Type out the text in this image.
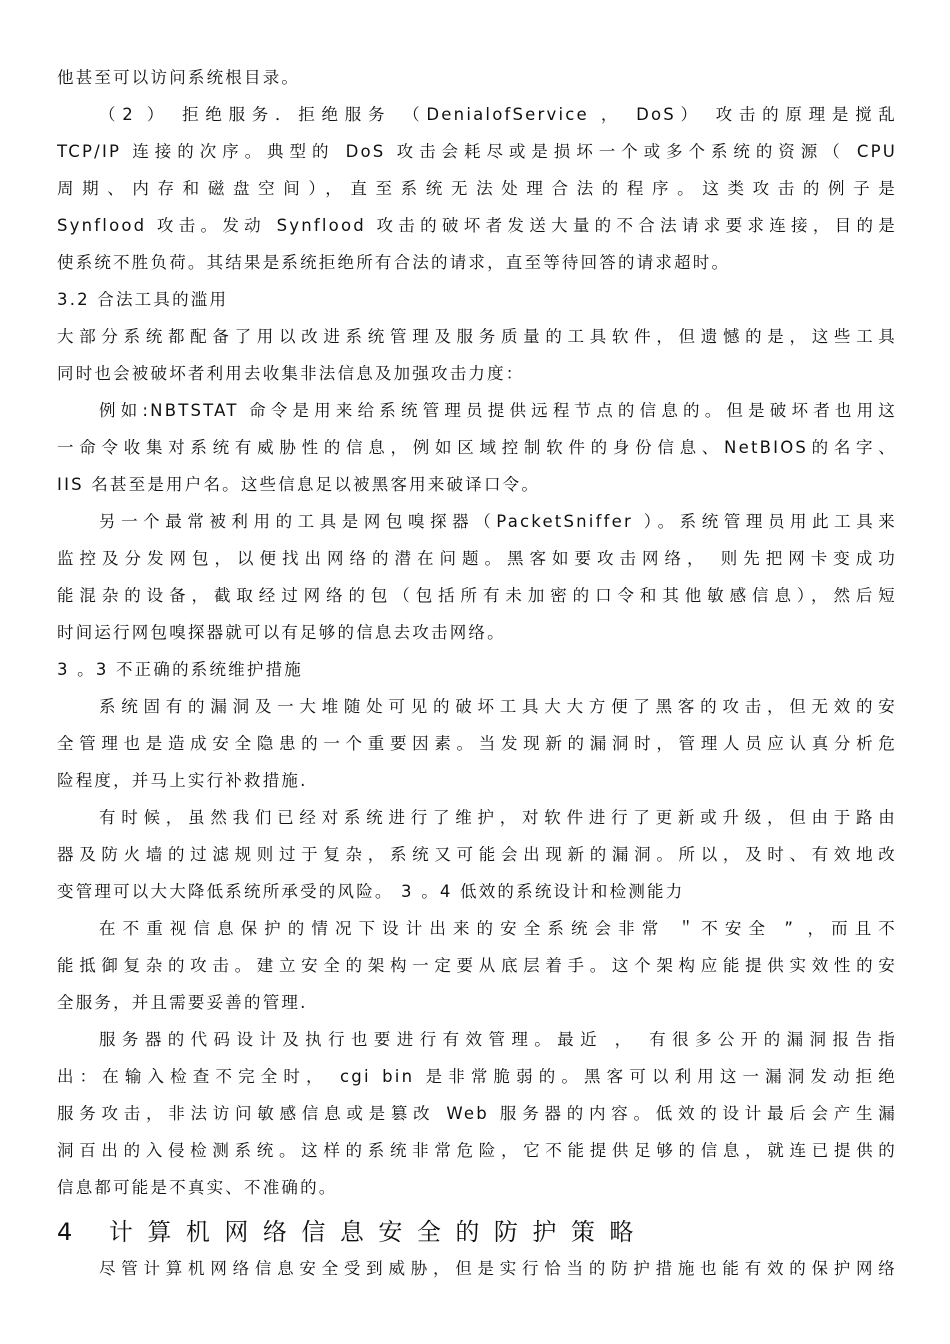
他甚至可以访问系统根目录。
（2 ） 拒绝服务．拒绝服务 （DenialofService ， DoS） 攻击的原理是搅乱
TCP/IP 连接的次序。典型的 DoS 攻击会耗尽或是损坏一个或多个系统的资源（ CPU
周期、内存和磁盘空间），直至系统无法处理合法的程序。这类攻击的例子是
Synflood 攻击。发动 Synflood 攻击的破坏者发送大量的不合法请求要求连接，目的是
使系统不胜负荷。其结果是系统拒绝所有合法的请求，直至等待回答的请求超时。
3.2 合法工具的滥用
大部分系统都配备了用以改进系统管理及服务质量的工具软件，但遗憾的是，这些工具
同时也会被破坏者利用去收集非法信息及加强攻击力度：
例如:NBTSTAT 命令是用来给系统管理员提供远程节点的信息的。但是破坏者也用这
一命令收集对系统有威胁性的信息，例如区域控制软件的身份信息、NetBIOS的名字、
IIS 名甚至是用户名。这些信息足以被黑客用来破译口令。
另一个最常被利用的工具是网包嗅探器（PacketSniffer ）。系统管理员用此工具来
监控及分发网包，以便找出网络的潜在问题。黑客如要攻击网络， 则先把网卡变成功
能混杂的设备，截取经过网络的包（包括所有未加密的口令和其他敏感信息），然后短
时间运行网包嗅探器就可以有足够的信息去攻击网络。
3 。3 不正确的系统维护措施
系统固有的漏洞及一大堆随处可见的破坏工具大大方便了黑客的攻击，但无效的安
全管理也是造成安全隐患的一个重要因素。当发现新的漏洞时，管理人员应认真分析危
险程度，并马上实行补救措施.
有时候，虽然我们已经对系统进行了维护，对软件进行了更新或升级，但由于路由
器及防火墙的过滤规则过于复杂，系统又可能会出现新的漏洞。所以，及时、有效地改
变管理可以大大降低系统所承受的风险。 3 。4 低效的系统设计和检测能力
在不重视信息保护的情况下设计出来的安全系统会非常 ＂不安全 ” ，而且不
能抵御复杂的攻击。建立安全的架构一定要从底层着手。这个架构应能提供实效性的安
全服务，并且需要妥善的管理.
服务器的代码设计及执行也要进行有效管理。最近 ， 有很多公开的漏洞报告指
出：在输入检查不完全时， cgi bin 是非常脆弱的。黑客可以利用这一漏洞发动拒绝
服务攻击，非法访问敏感信息或是篡改 Web 服务器的内容。低效的设计最后会产生漏
洞百出的入侵检测系统。这样的系统非常危险，它不能提供足够的信息，就连已提供的
信息都可能是不真实、不准确的。
4 计算机网络信息安全的防护策略
尽管计算机网络信息安全受到威胁，但是实行恰当的防护措施也能有效的保护网络
